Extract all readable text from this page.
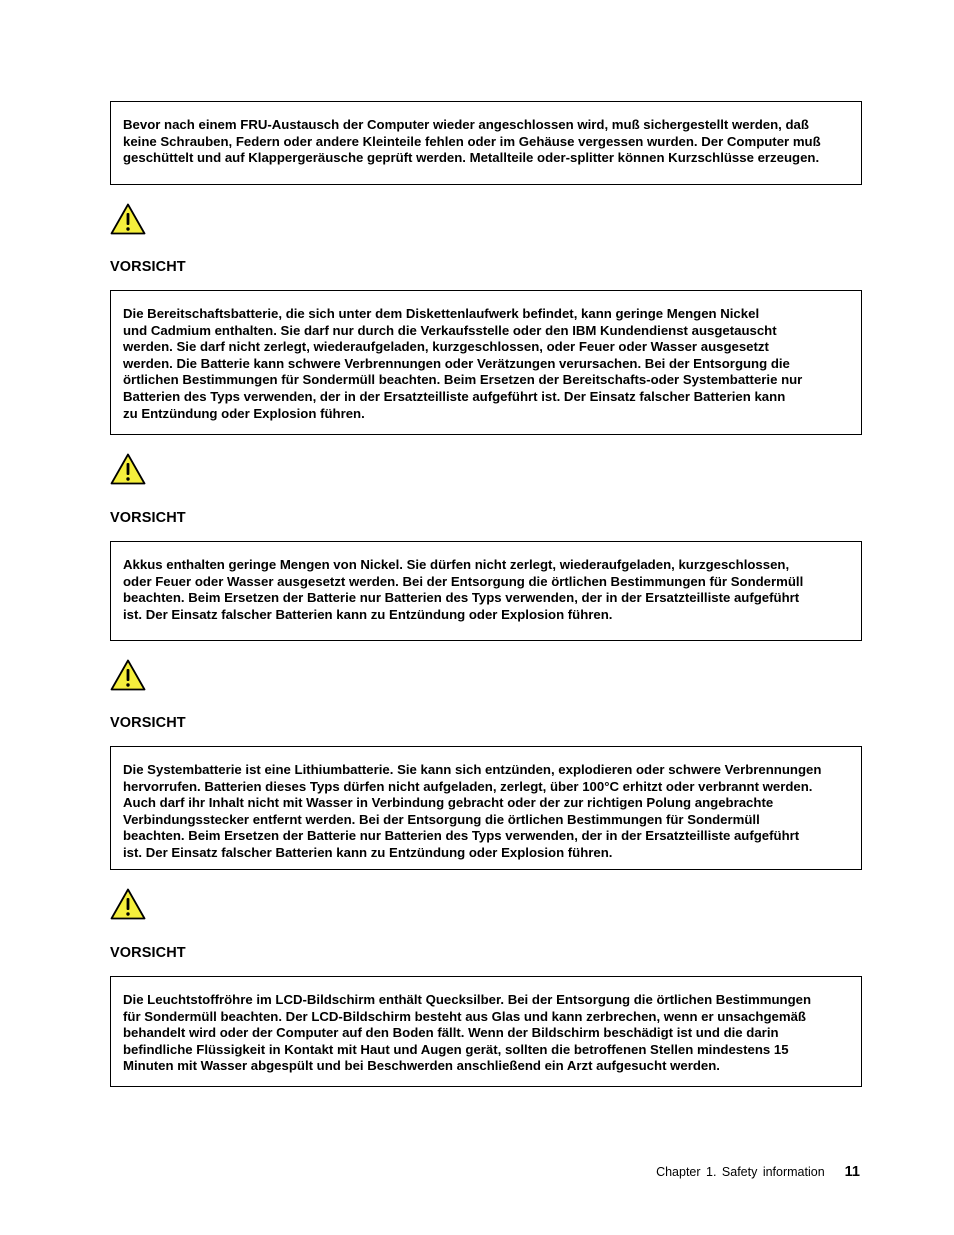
Bevor nach einem FRU-Austausch der Computer wieder angeschlossen wird, muß sichergestellt werden, daß
keine Schrauben, Federn oder andere Kleinteile fehlen oder im Gehäuse vergessen wurden. Der Computer muß
geschüttelt und auf Klappergeräusche geprüft werden. Metallteile oder-splitter können Kurzschlüsse erzeugen.

VORSICHT

Die Bereitschaftsbatterie, die sich unter dem Diskettenlaufwerk befindet, kann geringe Mengen Nickel
und Cadmium enthalten. Sie darf nur durch die Verkaufsstelle oder den IBM Kundendienst ausgetauscht
werden. Sie darf nicht zerlegt, wiederaufgeladen, kurzgeschlossen, oder Feuer oder Wasser ausgesetzt
werden. Die Batterie kann schwere Verbrennungen oder Verätzungen verursachen. Bei der Entsorgung die
örtlichen Bestimmungen für Sondermüll beachten. Beim Ersetzen der Bereitschafts-oder Systembatterie nur
Batterien des Typs verwenden, der in der Ersatzteilliste aufgeführt ist. Der Einsatz falscher Batterien kann
zu Entzündung oder Explosion führen.

VORSICHT

Akkus enthalten geringe Mengen von Nickel. Sie dürfen nicht zerlegt, wiederaufgeladen, kurzgeschlossen,
oder Feuer oder Wasser ausgesetzt werden. Bei der Entsorgung die örtlichen Bestimmungen für Sondermüll
beachten. Beim Ersetzen der Batterie nur Batterien des Typs verwenden, der in der Ersatzteilliste aufgeführt
ist. Der Einsatz falscher Batterien kann zu Entzündung oder Explosion führen.

VORSICHT

Die Systembatterie ist eine Lithiumbatterie. Sie kann sich entzünden, explodieren oder schwere Verbrennungen
hervorrufen. Batterien dieses Typs dürfen nicht aufgeladen, zerlegt, über 100°C erhitzt oder verbrannt werden.
Auch darf ihr Inhalt nicht mit Wasser in Verbindung gebracht oder der zur richtigen Polung angebrachte
Verbindungsstecker entfernt werden. Bei der Entsorgung die örtlichen Bestimmungen für Sondermüll
beachten. Beim Ersetzen der Batterie nur Batterien des Typs verwenden, der in der Ersatzteilliste aufgeführt
ist. Der Einsatz falscher Batterien kann zu Entzündung oder Explosion führen.

VORSICHT

Die Leuchtstoffröhre im LCD-Bildschirm enthält Quecksilber. Bei der Entsorgung die örtlichen Bestimmungen
für Sondermüll beachten. Der LCD-Bildschirm besteht aus Glas und kann zerbrechen, wenn er unsachgemäß
behandelt wird oder der Computer auf den Boden fällt. Wenn der Bildschirm beschädigt ist und die darin
befindliche Flüssigkeit in Kontakt mit Haut und Augen gerät, sollten die betroffenen Stellen mindestens 15
Minuten mit Wasser abgespült und bei Beschwerden anschließend ein Arzt aufgesucht werden.

Chapter 1. Safety information 11
